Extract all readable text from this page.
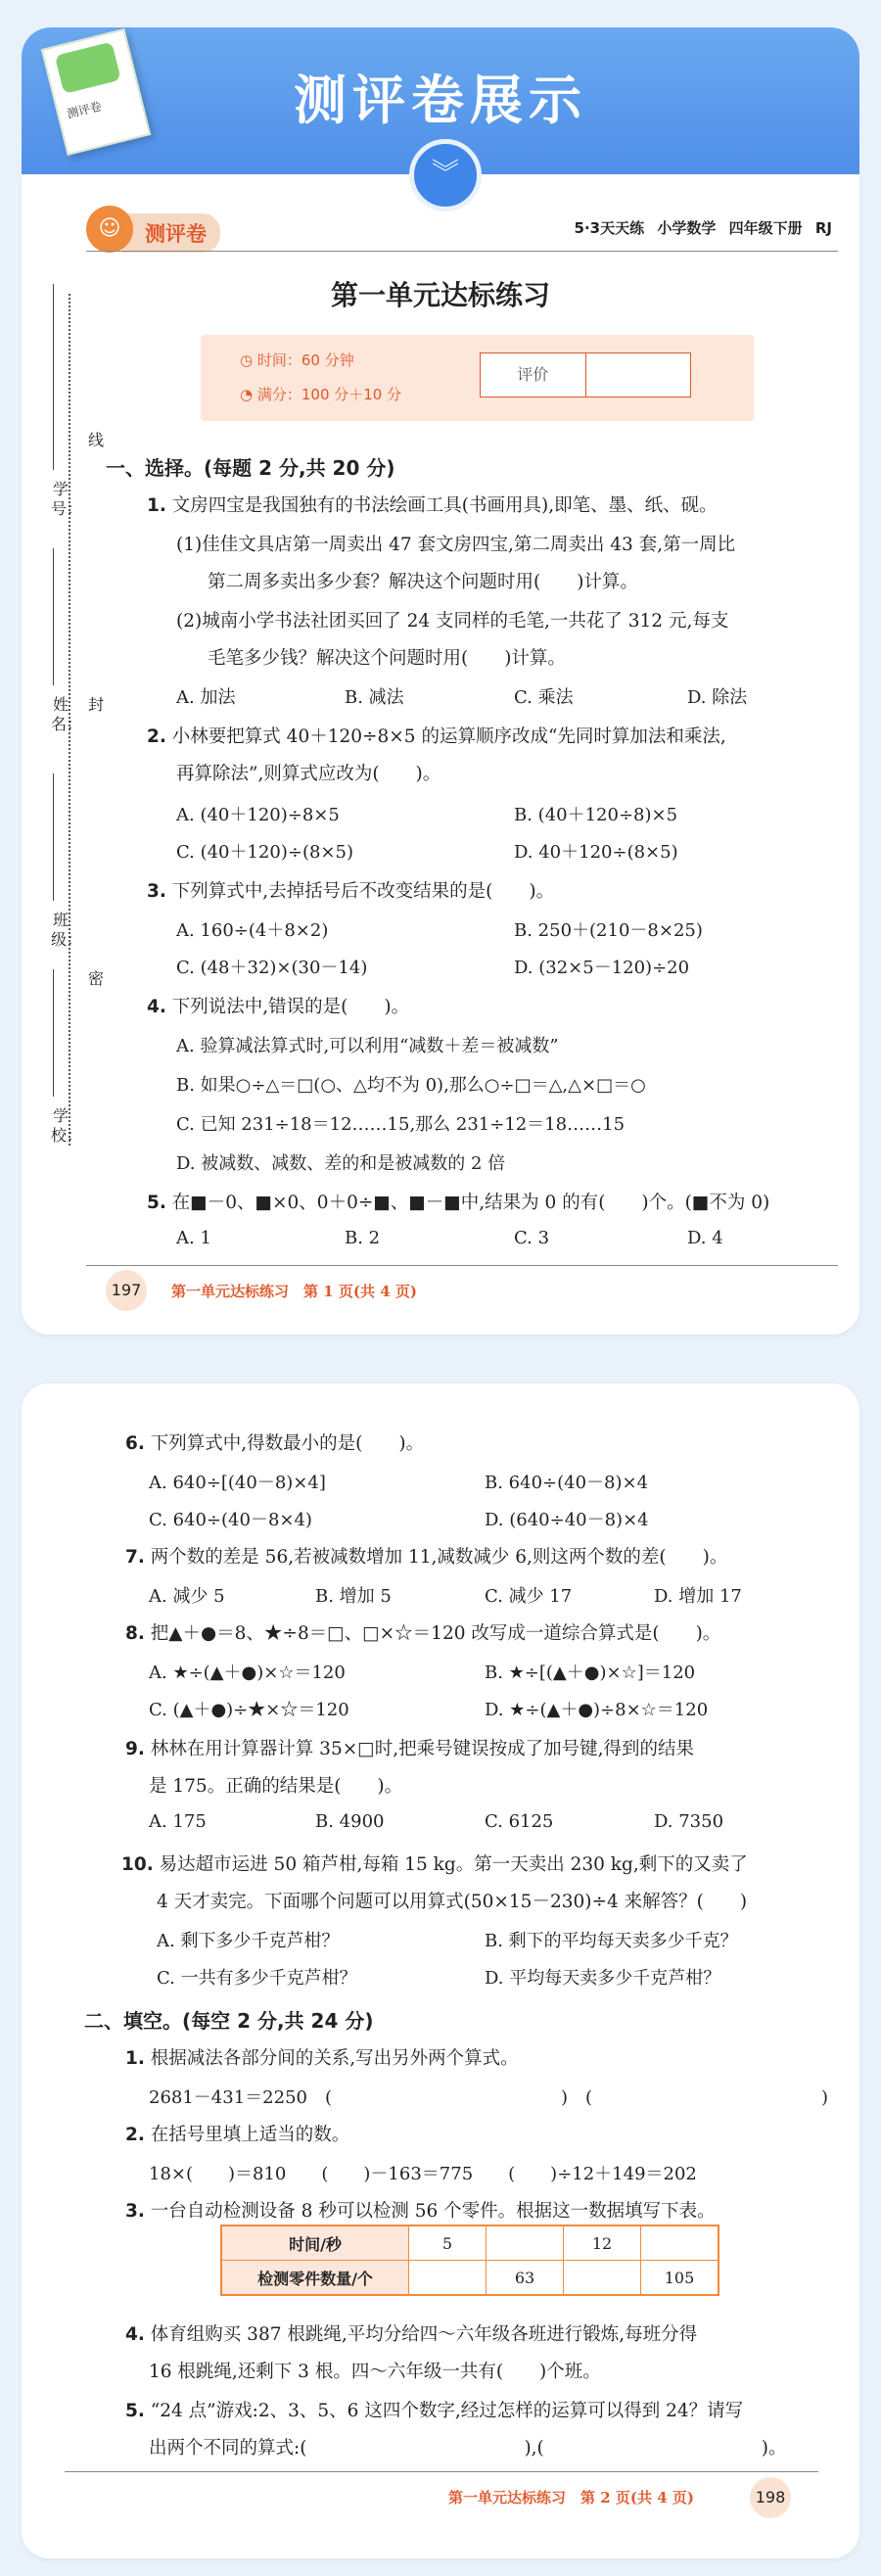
测评卷展示
测评卷
︾
测评卷
☺	5·3天天练 小学数学 四年级下册 RJ
第一单元达标练习
◷ 时间：60 分钟
◔ 满分：100 分＋10 分
评价
学号：
线
姓名：
封
班级：
密
学校：
一、选择。(每题 2 分,共 20 分)
1. 文房四宝是我国独有的书法绘画工具(书画用具),即笔、墨、纸、砚。
(1)佳佳文具店第一周卖出 47 套文房四宝,第二周卖出 43 套,第一周比
第二周多卖出多少套？解决这个问题时用(　　)计算。
(2)城南小学书法社团买回了 24 支同样的毛笔,一共花了 312 元,每支
毛笔多少钱？解决这个问题时用(　　)计算。
A. 加法	B. 减法	C. 乘法	D. 除法
2. 小林要把算式 40＋120÷8×5 的运算顺序改成“先同时算加法和乘法,
再算除法”,则算式应改为(　　)。
A. (40＋120)÷8×5	B. (40＋120÷8)×5
C. (40＋120)÷(8×5)	D. 40＋120÷(8×5)
3. 下列算式中,去掉括号后不改变结果的是(　　)。
A. 160÷(4＋8×2)	B. 250＋(210－8×25)
C. (48＋32)×(30－14)	D. (32×5－120)÷20
4. 下列说法中,错误的是(　　)。
A. 验算减法算式时,可以利用“减数＋差＝被减数”
B. 如果○÷△＝□(○、△均不为 0),那么○÷□＝△,△×□＝○
C. 已知 231÷18＝12……15,那么 231÷12＝18……15
D. 被减数、减数、差的和是被减数的 2 倍
5. 在■－0、■×0、0＋0÷■、■－■中,结果为 0 的有(　　)个。(■不为 0)
A. 1	B. 2	C. 3	D. 4
197	第一单元达标练习　第 1 页(共 4 页)
6. 下列算式中,得数最小的是(　　)。
A. 640÷[(40－8)×4]	B. 640÷(40－8)×4
C. 640÷(40－8×4)	D. (640÷40－8)×4
7. 两个数的差是 56,若被减数增加 11,减数减少 6,则这两个数的差(　　)。
A. 减少 5	B. 增加 5	C. 减少 17	D. 增加 17
8. 把▲＋●＝8、★÷8＝□、□×☆＝120 改写成一道综合算式是(　　)。
A. ★÷(▲＋●)×☆＝120	B. ★÷[(▲＋●)×☆]＝120
C. (▲＋●)÷★×☆＝120	D. ★÷(▲＋●)÷8×☆＝120
9. 林林在用计算器计算 35×□时,把乘号键误按成了加号键,得到的结果
是 175。正确的结果是(　　)。
A. 175	B. 4900	C. 6125	D. 7350
10. 易达超市运进 50 箱芦柑,每箱 15 kg。第一天卖出 230 kg,剩下的又卖了
4 天才卖完。下面哪个问题可以用算式(50×15－230)÷4 来解答？(　　)
A. 剩下多少千克芦柑？	B. 剩下的平均每天卖多少千克？
C. 一共有多少千克芦柑？	D. 平均每天卖多少千克芦柑？
二、填空。(每空 2 分,共 24 分)
1. 根据减法各部分间的关系,写出另外两个算式。
2681－431＝2250　(　　　　　　　　　　　　　)　(　　　　　　　　　　　　　)
2. 在括号里填上适当的数。
18×(　　)＝810　　(　　)－163＝775　　(　　)÷12＋149＝202
3. 一台自动检测设备 8 秒可以检测 56 个零件。根据这一数据填写下表。
时间/秒	5		12	
检测零件数量/个		63		105
4. 体育组购买 387 根跳绳,平均分给四～六年级各班进行锻炼,每班分得
16 根跳绳,还剩下 3 根。四～六年级一共有(　　)个班。
5. “24 点”游戏:2、3、5、6 这四个数字,经过怎样的运算可以得到 24？请写
出两个不同的算式:(　　　　　　　　　　　　),(　　　　　　　　　　　　)。
第一单元达标练习　第 2 页(共 4 页)	198
